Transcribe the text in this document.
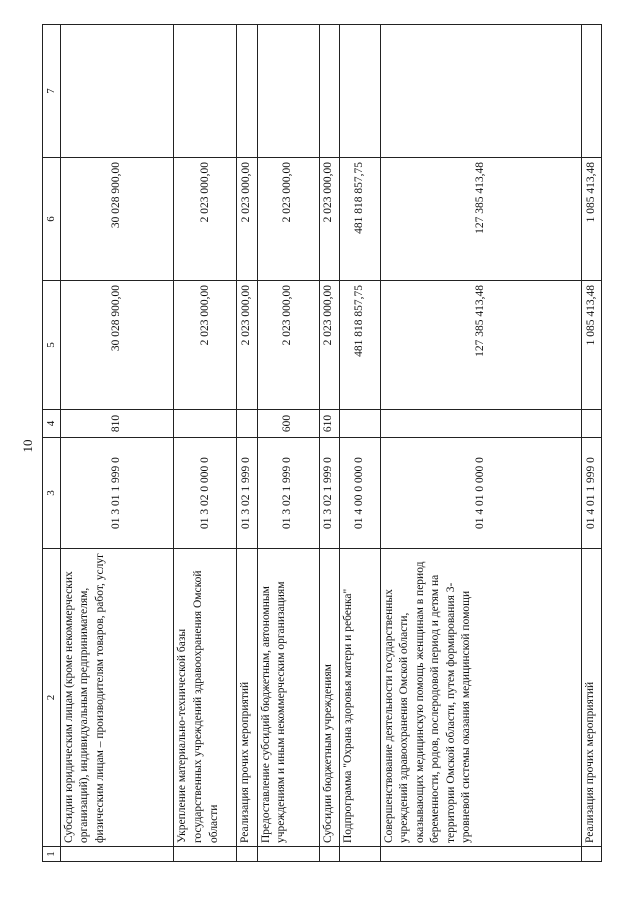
10
1	2	3	4	5	6	7
	Субсидии юридическим лицам (кроме некоммерческих организаций), индивидуальным предпринимателям, физическим лицам – производителям товаров, работ, услуг	01 3 01 1 999 0	810	30 028 900,00	30 028 900,00	
	Укрепление материально-технической базы государственных учреждений здравоохранения Омской области	01 3 02 0 000 0		2 023 000,00	2 023 000,00	
	Реализация прочих мероприятий	01 3 02 1 999 0		2 023 000,00	2 023 000,00	
	Предоставление субсидий бюджетным, автономным учреждениям и иным некоммерческим организациям	01 3 02 1 999 0	600	2 023 000,00	2 023 000,00	
	Субсидии бюджетным учреждениям	01 3 02 1 999 0	610	2 023 000,00	2 023 000,00	
	Подпрограмма "Охрана здоровья матери и ребенка"	01 4 00 0 000 0		481 818 857,75	481 818 857,75	
	Совершенствование деятельности государственных учреждений здравоохранения Омской области, оказывающих медицинскую помощь женщинам в период беременности, родов, послеродовой период и детям на территории Омской области, путем формирования 3-уровневой системы оказания медицинской помощи	01 4 01 0 000 0		127 385 413,48	127 385 413,48	
	Реализация прочих мероприятий	01 4 01 1 999 0		1 085 413,48	1 085 413,48	
